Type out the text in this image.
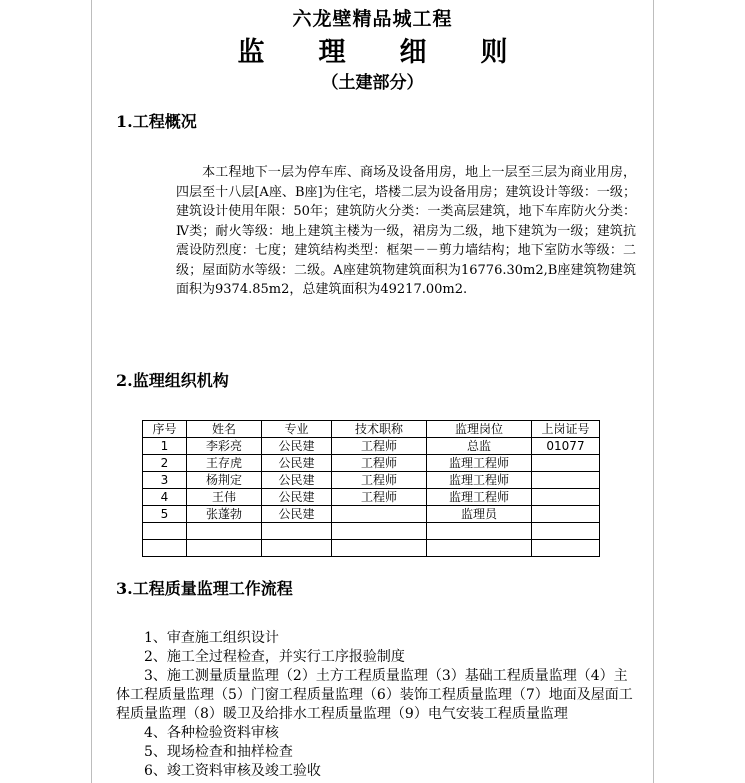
六龙壁精品城工程
监 理 细 则
（土建部分）
1.工程概况
本工程地下一层为停车库、商场及设备用房，地上一层至三层为商业用房，四层至十八层[A座、B座]为住宅，塔楼二层为设备用房；建筑设计等级：一级；建筑设计使用年限：50年；建筑防火分类：一类高层建筑，地下车库防火分类：Ⅳ类；耐火等级：地上建筑主楼为一级，裙房为二级，地下建筑为一级；建筑抗震设防烈度：七度；建筑结构类型：框架－－剪力墙结构；地下室防水等级：二级；屋面防水等级：二级。A座建筑物建筑面积为16776.30m2,B座建筑物建筑面积为9374.85m2，总建筑面积为49217.00m2.
2.监理组织机构
序号	姓名	专业	技术职称	监理岗位	上岗证号
1	李彩亮	公民建	工程师	总监	01077
2	王存虎	公民建	工程师	监理工程师	
3	杨荆定	公民建	工程师	监理工程师	
4	王伟	公民建	工程师	监理工程师	
5	张蓬勃	公民建		监理员	

3.工程质量监理工作流程
1、审查施工组织设计
2、施工全过程检查，并实行工序报验制度
3、施工测量质量监理（2）土方工程质量监理（3）基础工程质量监理（4）主体工程质量监理（5）门窗工程质量监理（6）装饰工程质量监理（7）地面及屋面工程质量监理（8）暖卫及给排水工程质量监理（9）电气安装工程质量监理
4、各种检验资料审核
5、现场检查和抽样检查
6、竣工资料审核及竣工验收
